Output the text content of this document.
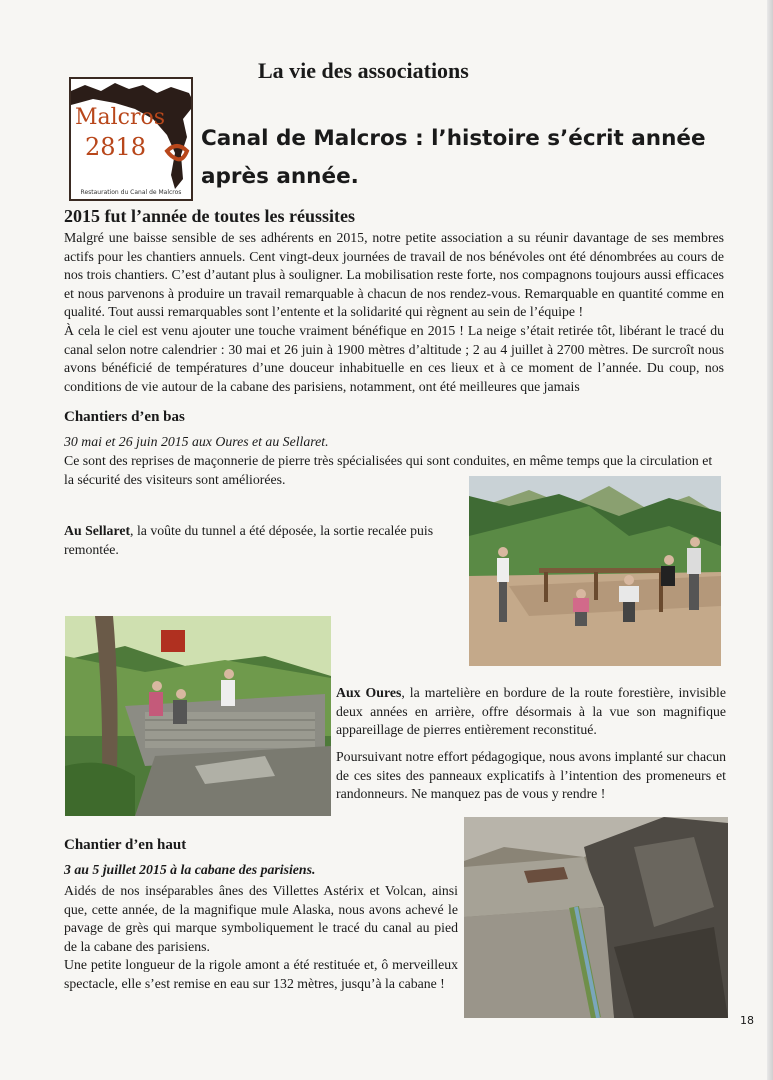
La vie des associations
Malcros
2818
Restauration du Canal de Malcros
Canal de Malcros : l’histoire s’écrit année après année.
2015 fut l’année de toutes les réussites

Malgré une baisse sensible de ses adhérents en 2015, notre petite association a su réunir davantage de ses membres actifs pour les chantiers annuels. Cent vingt-deux journées de travail de nos bénévoles ont été dénombrées au cours de nos trois chantiers. C’est d’autant plus à souligner. La mobilisation reste forte, nos compagnons toujours aussi efficaces et nous parvenons à produire un travail remarquable à chacun de nos rendez-vous. Remarquable en quantité comme en qualité. Tout aussi remarquables sont l’entente et la solidarité qui règnent au sein de l’équipe !

À cela le ciel est venu ajouter une touche vraiment bénéfique en 2015 ! La neige s’était retirée tôt, libérant le tracé du canal selon notre calendrier : 30 mai et 26 juin à 1900 mètres d’altitude ; 2 au 4 juillet à 2700 mètres. De surcroît nous avons bénéficié de températures d’une douceur inhabituelle en ces lieux et à ce moment de l’année. Du coup, nos conditions de vie autour de la cabane des parisiens, notamment, ont été meilleures que jamais

Chantiers d’en bas
30 mai et 26 juin 2015 aux Oures et au Sellaret.
Ce sont des reprises de maçonnerie de pierre très spécialisées qui sont conduites, en même temps que la circulation et la sécurité des visiteurs sont améliorées.
Au Sellaret, la voûte du tunnel a été déposée, la sortie recalée puis remontée.
Aux Oures, la martelière en bordure de la route forestière, invisible deux années en arrière, offre désormais à la vue son magnifique appareillage de pierres entièrement reconstitué.
Poursuivant notre effort pédagogique, nous avons implanté sur chacun de ces sites des panneaux explicatifs à l’intention des promeneurs et randonneurs. Ne manquez pas de vous y rendre !
Chantier d’en haut
3 au 5 juillet 2015 à la cabane des parisiens.

Aidés de nos inséparables ânes des Villettes Astérix et Volcan, ainsi que, cette année, de la magnifique mule Alaska, nous avons achevé le pavage de grès qui marque symboliquement le tracé du canal au pied de la cabane des parisiens.

Une petite longueur de la rigole amont a été restituée et, ô merveilleux spectacle, elle s’est remise en eau sur 132 mètres, jusqu’à la cabane !

18
